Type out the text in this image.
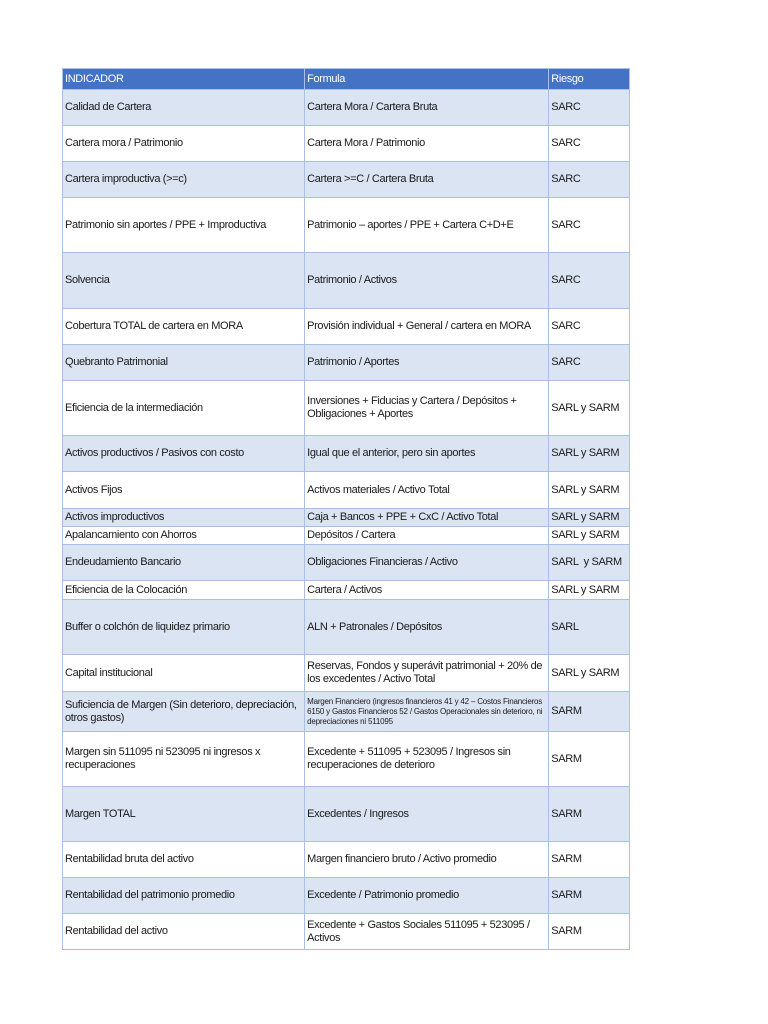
INDICADOR	Formula	Riesgo
Calidad de Cartera	Cartera Mora / Cartera Bruta	SARC
Cartera mora / Patrimonio	Cartera Mora / Patrimonio	SARC
Cartera improductiva (>=c)	Cartera >=C / Cartera Bruta	SARC
Patrimonio sin aportes / PPE + Improductiva	Patrimonio – aportes / PPE + Cartera C+D+E	SARC
Solvencia	Patrimonio / Activos	SARC
Cobertura TOTAL de cartera en MORA	Provisión individual + General / cartera en MORA	SARC
Quebranto Patrimonial	Patrimonio / Aportes	SARC
Eficiencia de la intermediación	Inversiones + Fiducias y Cartera / Depósitos + Obligaciones + Aportes	SARL y SARM
Activos productivos / Pasivos con costo	Igual que el anterior, pero sin aportes	SARL y SARM
Activos Fijos	Activos materiales / Activo Total	SARL y SARM
Activos improductivos	Caja + Bancos + PPE + CxC / Activo Total	SARL y SARM
Apalancamiento con Ahorros	Depósitos / Cartera	SARL y SARM
Endeudamiento Bancario	Obligaciones Financieras / Activo	SARL  y SARM
Eficiencia de la Colocación	Cartera / Activos	SARL y SARM
Buffer o colchón de liquidez primario	ALN + Patronales / Depósitos	SARL
Capital institucional	Reservas, Fondos y superávit patrimonial + 20% de los excedentes / Activo Total	SARL y SARM
Suficiencia de Margen (Sin deterioro, depreciación, otros gastos)	Margen Financiero (ingresos financieros 41 y 42 – Costos Financieros 6150 y Gastos Financieros 52 / Gastos Operacionales sin deterioro, ni depreciaciones ni 511095	SARM
Margen sin 511095 ni 523095 ni ingresos x recuperaciones	Excedente + 511095 + 523095 / Ingresos sin recuperaciones de deterioro	SARM
Margen TOTAL	Excedentes / Ingresos	SARM
Rentabilidad bruta del activo	Margen financiero bruto / Activo promedio	SARM
Rentabilidad del patrimonio promedio	Excedente / Patrimonio promedio	SARM
Rentabilidad del activo	Excedente + Gastos Sociales 511095 + 523095 / Activos	SARM
